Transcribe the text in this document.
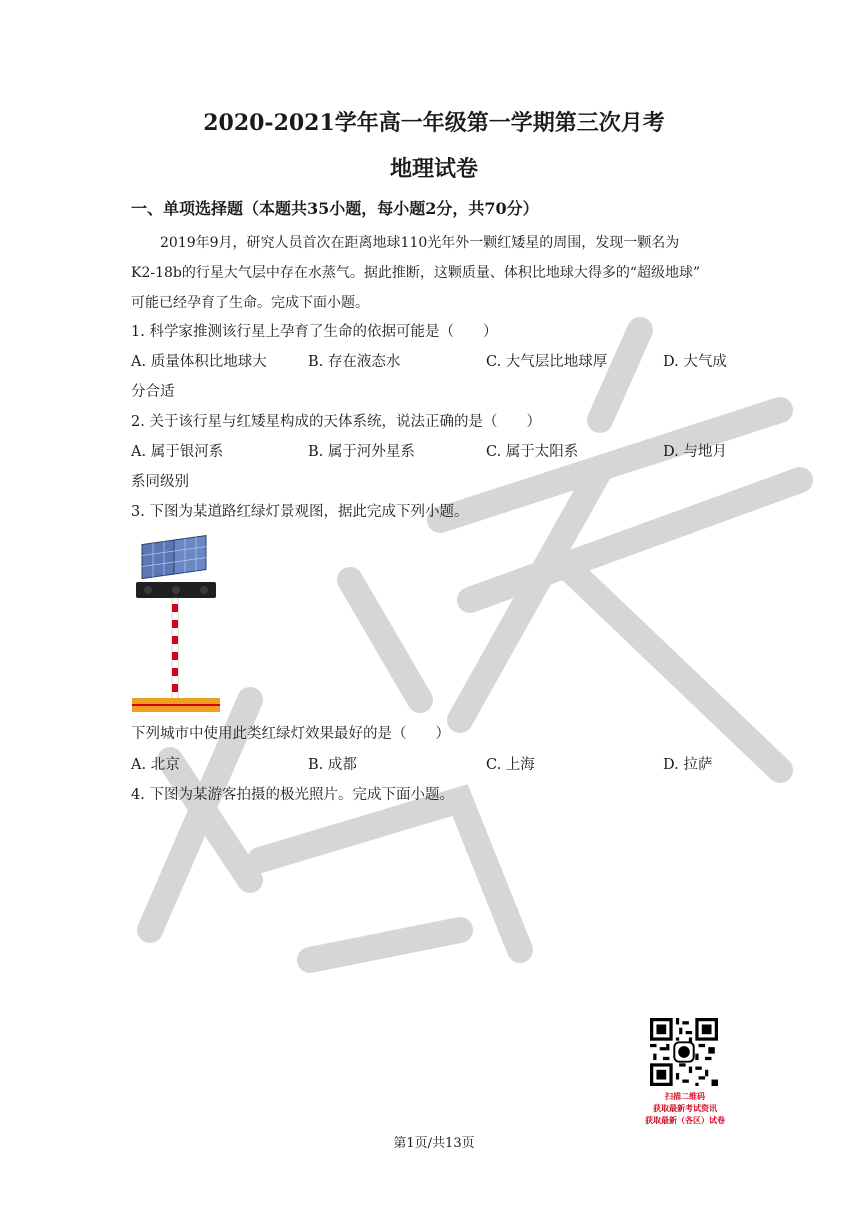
2020-2021学年高一年级第一学期第三次月考
地理试卷
一、单项选择题（本题共35小题，每小题2分，共70分）
2019年9月，研究人员首次在距离地球110光年外一颗红矮星的周围，发现一颗名为
K2-18b的行星大气层中存在水蒸气。据此推断，这颗质量、体积比地球大得多的“超级地球”
可能已经孕育了生命。完成下面小题。
1. 科学家推测该行星上孕育了生命的依据可能是（　　）
A. 质量体积比地球大	B. 存在液态水	C. 大气层比地球厚	D. 大气成
分合适
2. 关于该行星与红矮星构成的天体系统，说法正确的是（　　）
A. 属于银河系	B. 属于河外星系	C. 属于太阳系	D. 与地月
系同级别
3. 下图为某道路红绿灯景观图，据此完成下列小题。
下列城市中使用此类红绿灯效果最好的是（　　）
A. 北京	B. 成都	C. 上海	D. 拉萨
4. 下图为某游客拍摄的极光照片。完成下面小题。
扫描二维码
获取最新考试资讯
获取最新（各区）试卷
第1页/共13页
